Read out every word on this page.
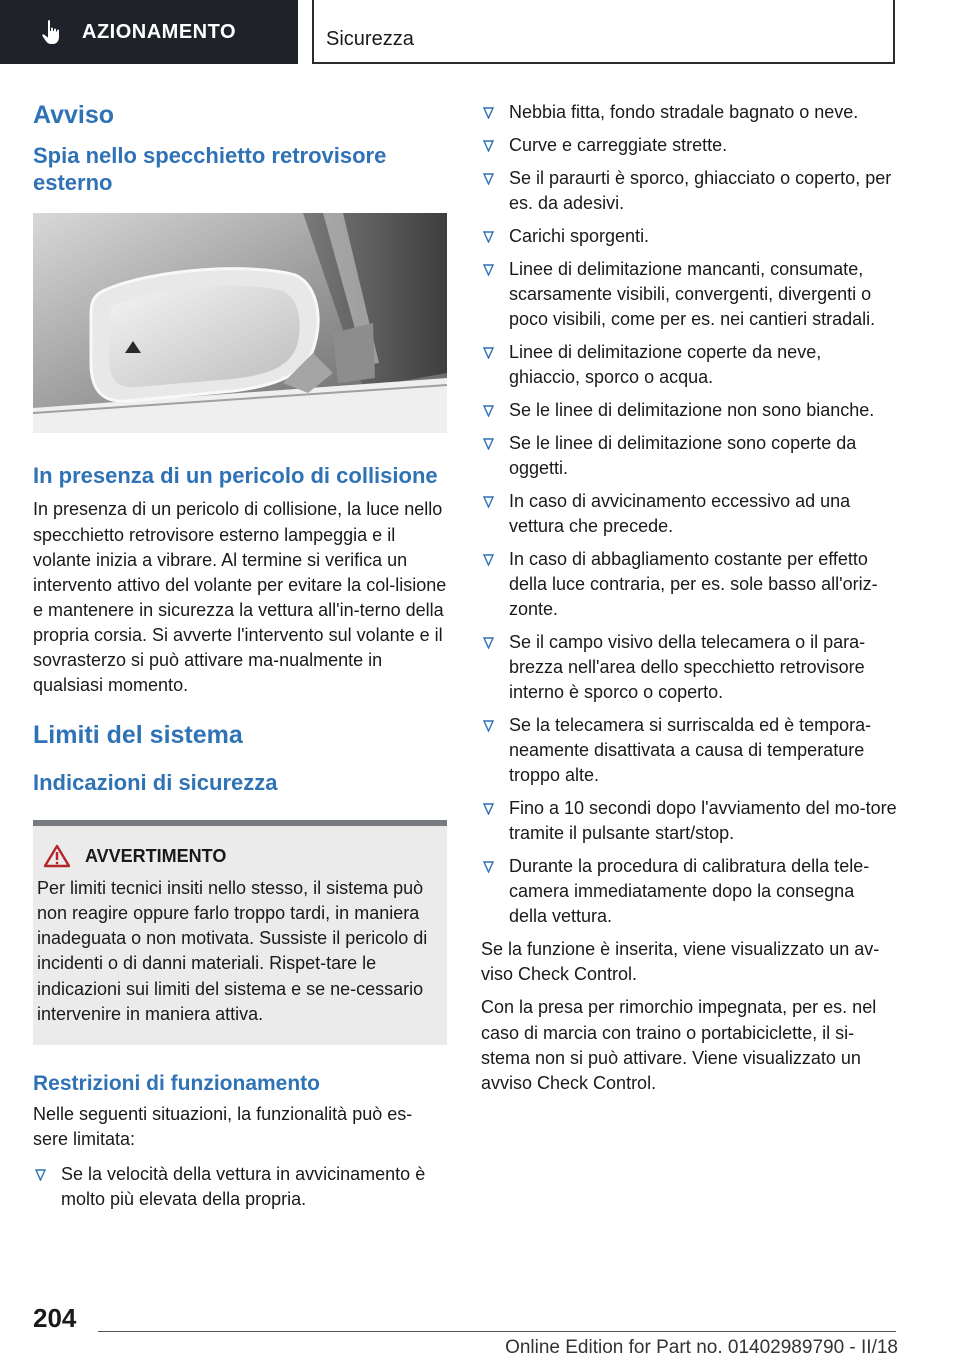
AZIONAMENTO	Sicurezza
Avviso
Spia nello specchietto retrovisore esterno
In presenza di un pericolo di collisione

In presenza di un pericolo di collisione, la luce nello specchietto retrovisore esterno lampeggia e il volante inizia a vibrare. Al termine si verifica un intervento attivo del volante per evitare la col-lisione e mantenere in sicurezza la vettura all'in-terno della propria corsia. Si avverte l'intervento sul volante e il sovrasterzo si può attivare ma-nualmente in qualsiasi momento.

Limiti del sistema
Indicazioni di sicurezza
AVVERTIMENTO

Per limiti tecnici insiti nello stesso, il sistema può non reagire oppure farlo troppo tardi, in maniera inadeguata o non motivata. Sussiste il pericolo di incidenti o di danni materiali. Rispet-tare le indicazioni sui limiti del sistema e se ne-cessario intervenire in maniera attiva.

Restrizioni di funzionamento

Nelle seguenti situazioni, la funzionalità può es-sere limitata:

Se la velocità della vettura in avvicinamento è molto più elevata della propria.
Nebbia fitta, fondo stradale bagnato o neve.
Curve e carreggiate strette.
Se il paraurti è sporco, ghiacciato o coperto, per es. da adesivi.
Carichi sporgenti.
Linee di delimitazione mancanti, consumate, scarsamente visibili, convergenti, divergenti o poco visibili, come per es. nei cantieri stradali.
Linee di delimitazione coperte da neve, ghiaccio, sporco o acqua.
Se le linee di delimitazione non sono bianche.
Se le linee di delimitazione sono coperte da oggetti.
In caso di avvicinamento eccessivo ad una vettura che precede.
In caso di abbagliamento costante per effetto della luce contraria, per es. sole basso all'oriz-zonte.
Se il campo visivo della telecamera o il para-brezza nell'area dello specchietto retrovisore interno è sporco o coperto.
Se la telecamera si surriscalda ed è tempora-neamente disattivata a causa di temperature troppo alte.
Fino a 10 secondi dopo l'avviamento del mo-tore tramite il pulsante start/stop.
Durante la procedura di calibratura della tele-camera immediatamente dopo la consegna della vettura.

Se la funzione è inserita, viene visualizzato un av-viso Check Control.

Con la presa per rimorchio impegnata, per es. nel caso di marcia con traino o portabiciclette, il si-stema non si può attivare. Viene visualizzato un avviso Check Control.

204
Online Edition for Part no. 01402989790 - II/18
